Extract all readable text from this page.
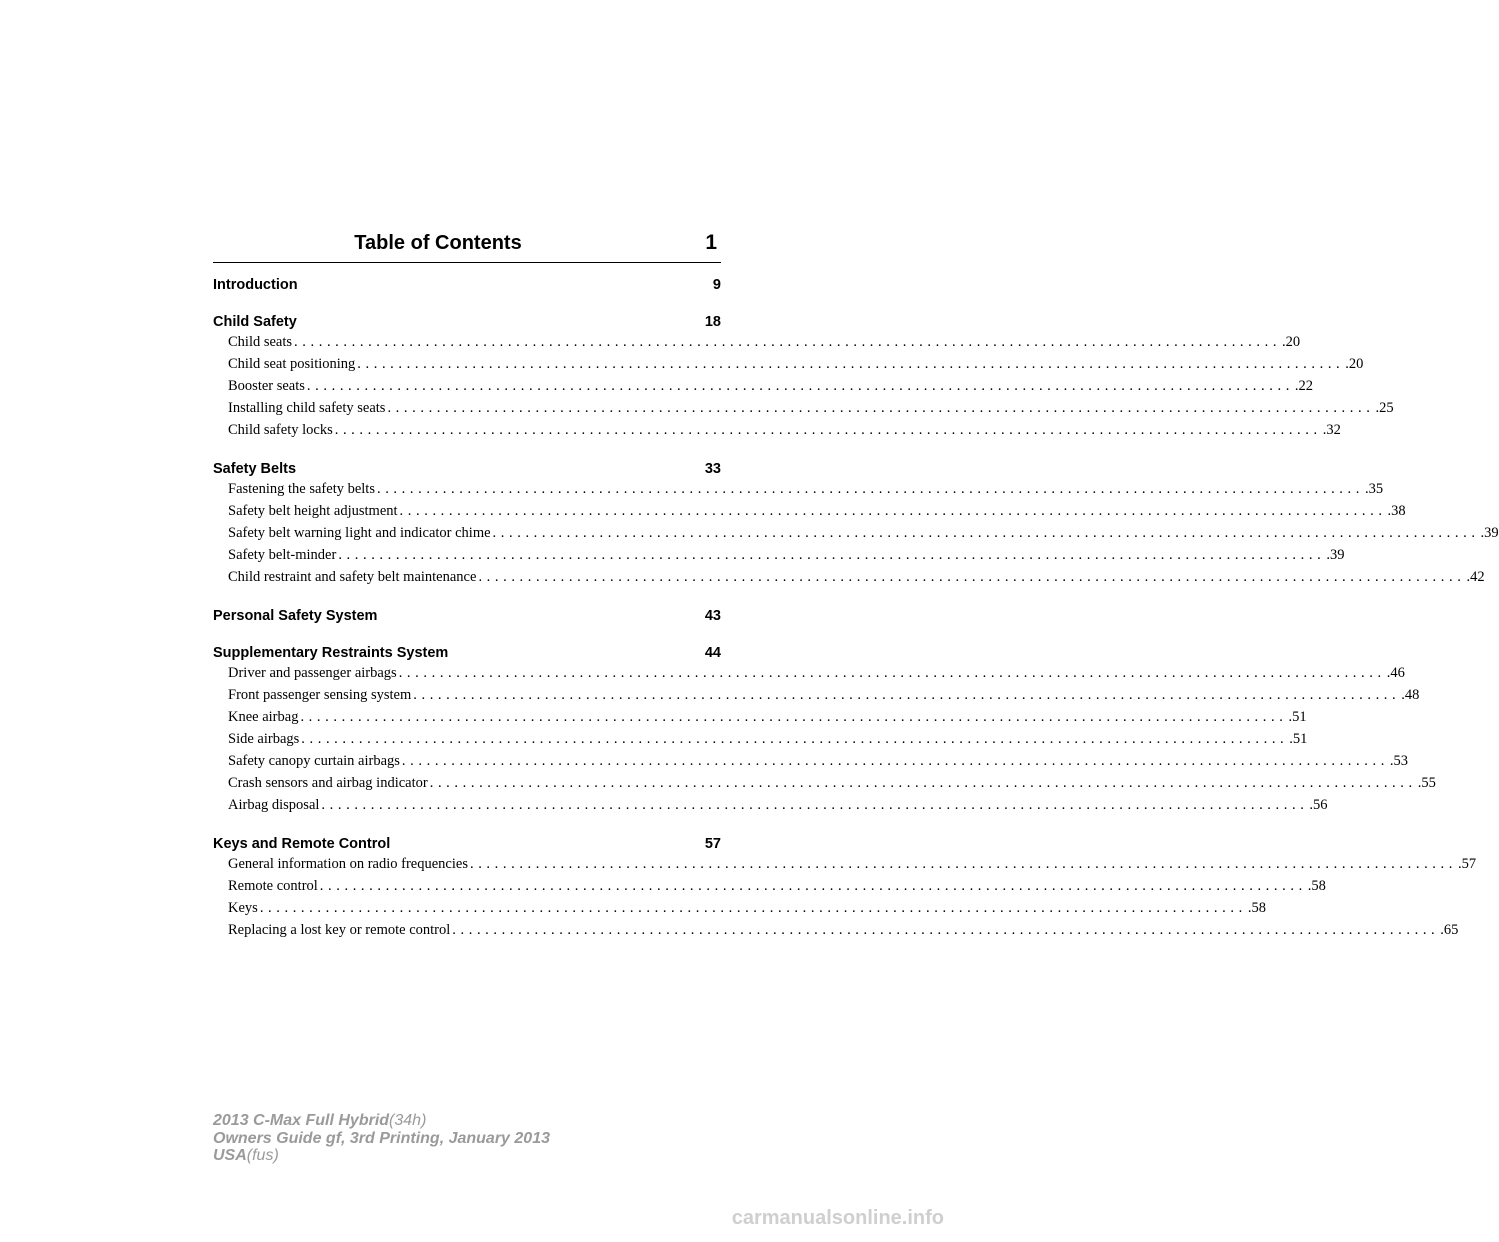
Table of Contents	1
Introduction	9
Child Safety	18
Child seats ........................................................................................................................ .20
Child seat positioning ........................................................................................................................ .20
Booster seats ........................................................................................................................ .22
Installing child safety seats ........................................................................................................................ .25
Child safety locks ........................................................................................................................ .32
Safety Belts	33
Fastening the safety belts ........................................................................................................................ .35
Safety belt height adjustment ........................................................................................................................ .38
Safety belt warning light and indicator chime ........................................................................................................................ .39
Safety belt-minder ........................................................................................................................ .39
Child restraint and safety belt maintenance ........................................................................................................................ .42
Personal Safety System	43
Supplementary Restraints System	44
Driver and passenger airbags ........................................................................................................................ .46
Front passenger sensing system ........................................................................................................................ .48
Knee airbag ........................................................................................................................ .51
Side airbags ........................................................................................................................ .51
Safety canopy curtain airbags ........................................................................................................................ .53
Crash sensors and airbag indicator ........................................................................................................................ .55
Airbag disposal ........................................................................................................................ .56
Keys and Remote Control	57
General information on radio frequencies ........................................................................................................................ .57
Remote control ........................................................................................................................ .58
Keys ........................................................................................................................ .58
Replacing a lost key or remote control ........................................................................................................................ .65
2013 C-Max Full Hybrid(34h)
Owners Guide gf, 3rd Printing, January 2013
USA(fus)
carmanualsonline.info
